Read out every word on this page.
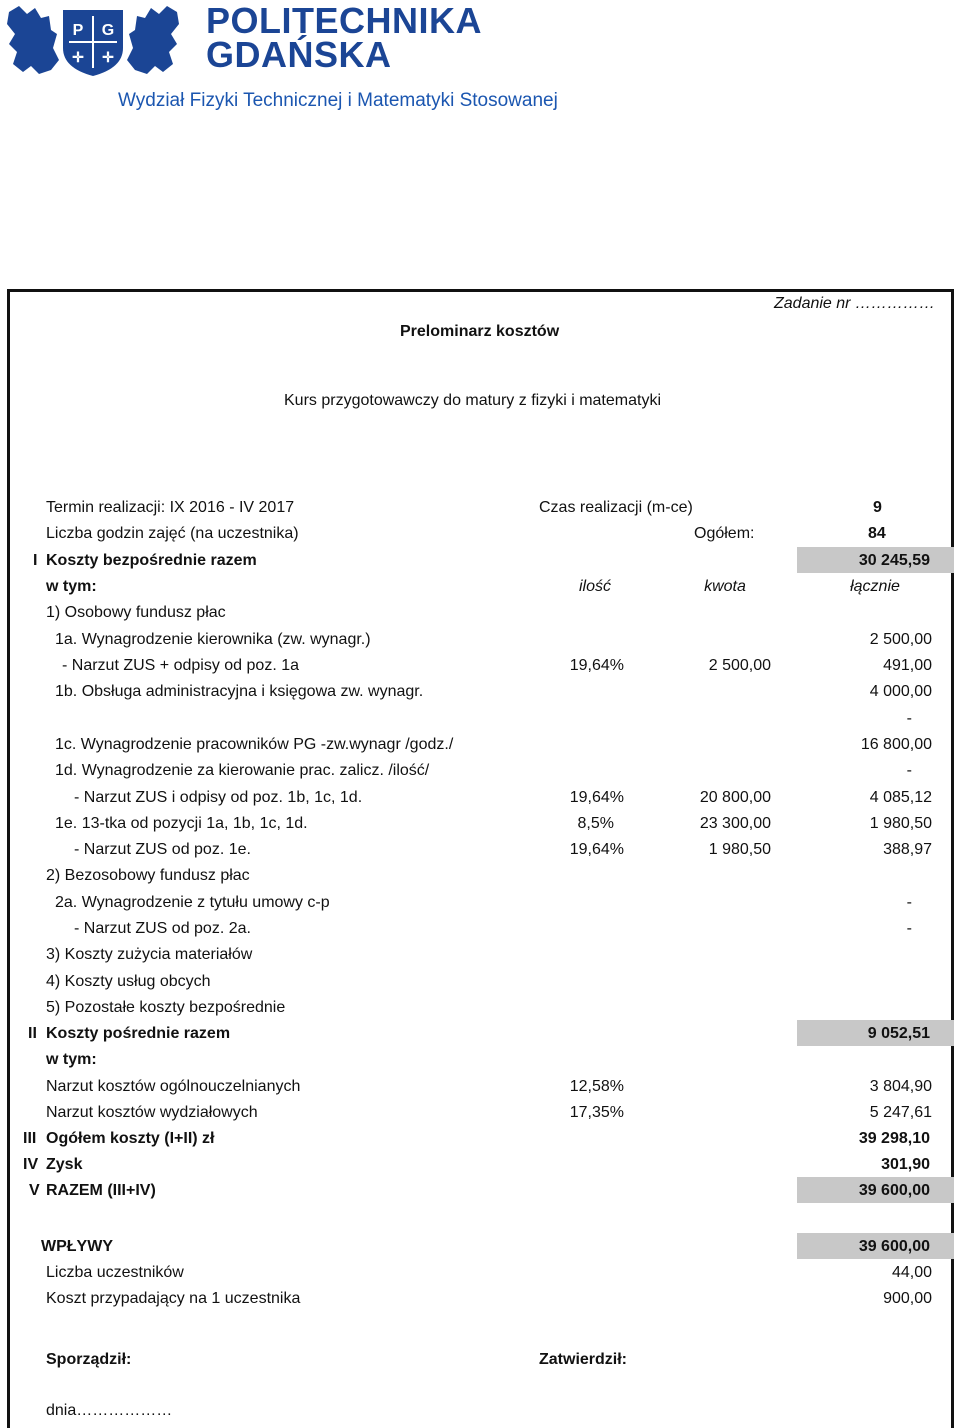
P G
✛ ✛
POLITECHNIKA
GDAŃSKA
Wydział Fizyki Technicznej i Matematyki Stosowanej
Zadanie nr ……………
Prelominarz kosztów
Kurs przygotowawczy do matury z fizyki i matematyki
Termin realizacji: IX 2016 - IV 2017	Czas realizacji (m-ce)	9
Liczba godzin zajęć (na uczestnika)	Ogółem:	84
I Koszty bezpośrednie razem	30 245,59
w tym:	ilość	kwota	łącznie
1) Osobowy fundusz płac
1a. Wynagrodzenie kierownika (zw. wynagr.)	2 500,00
- Narzut ZUS + odpisy od poz. 1a	19,64%	2 500,00	491,00
1b. Obsługa administracyjna i księgowa zw. wynagr.	4 000,00
-
1c. Wynagrodzenie pracowników PG -zw.wynagr /godz./	16 800,00
1d. Wynagrodzenie za kierowanie prac. zalicz. /ilość/	-
- Narzut ZUS i odpisy od poz. 1b, 1c, 1d.	19,64%	20 800,00	4 085,12
1e. 13-tka od pozycji 1a, 1b, 1c, 1d.	8,5%	23 300,00	1 980,50
- Narzut ZUS od poz. 1e.	19,64%	1 980,50	388,97
2) Bezosobowy fundusz płac
2a. Wynagrodzenie z tytułu umowy c-p	-
- Narzut ZUS od poz. 2a.	-
3) Koszty zużycia materiałów
4) Koszty usług obcych
5) Pozostałe koszty bezpośrednie
II Koszty pośrednie razem	9 052,51
w tym:
Narzut kosztów ogólnouczelnianych	12,58%	3 804,90
Narzut kosztów wydziałowych	17,35%	5 247,61
III Ogółem koszty (I+II) zł	39 298,10
IV Zysk	301,90
V RAZEM (III+IV)	39 600,00
WPŁYWY	39 600,00
Liczba uczestników	44,00
Koszt przypadający na 1 uczestnika	900,00
Sporządził:	Zatwierdził:
dnia………………
